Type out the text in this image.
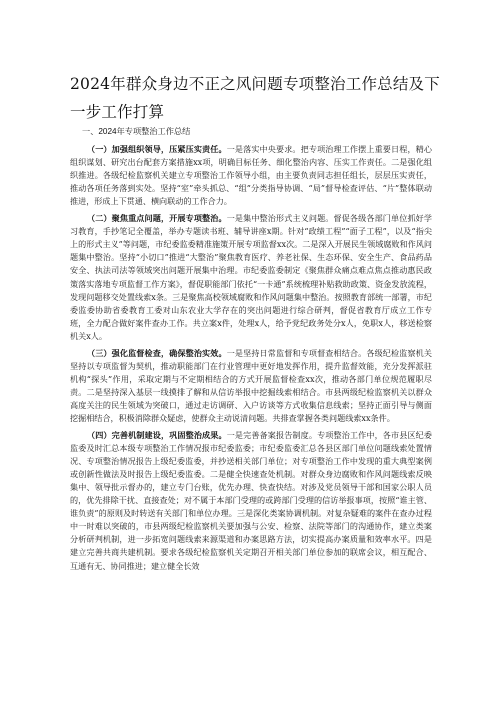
2024年群众身边不正之风问题专项整治工作总结及下一步工作打算
一、2024年专项整治工作总结

（一）加强组织领导，压紧压实责任。一是落实中央要求。把专项治理工作摆上重要日程，精心组织谋划、研究出台配套方案措施xx项，明确目标任务、细化整治内容、压实工作责任。二是强化组织推进。各级纪检监察机关建立专项整治工作领导小组，由主要负责同志担任组长，层层压实责任，推动各项任务落到实处。坚持“室”牵头抓总、“组”分类指导协调、“局”督导检查评估、“片”整体联动推进，形成上下贯通、横向联动的工作合力。

（二）聚焦重点问题，开展专项整治。一是集中整治形式主义问题。督促各级各部门单位抓好学习教育，手抄笔记全覆盖，举办专题读书班、辅导讲座x期。针对“政绩工程”“面子工程”，以及“指尖上的形式主义”等问题，市纪委监委精准施策开展专项监督xx次。二是深入开展民生领域腐败和作风问题集中整治。坚持“小切口”推进“大整治”聚焦教育医疗、养老社保、生态环保、安全生产、食品药品安全、执法司法等领域突出问题开展集中治理。市纪委监委制定《聚焦群众痛点难点焦点推动惠民政策落实落地专项监督工作方案》，督促职能部门依托“一卡通”系统梳理补贴救助政策、资金发放流程，发现问题移交处置线索x条。三是聚焦高校领域腐败和作风问题集中整治。按照教育部统一部署，市纪委监委协助省委教育工委对山东农业大学存在的突出问题进行综合研判，督促省教育厅成立工作专班，全力配合做好案件查办工作。共立案x件，处理x人，给予党纪政务处分x人，免职x人，移送检察机关x人。

（三）强化监督检查，确保整治实效。一是坚持日常监督和专项督查相结合。各级纪检监察机关坚持以专项监督为契机，推动职能部门在行业管理中更好地发挥作用，提升监督效能，充分发挥派驻机构“探头”作用，采取定期与不定期相结合的方式开展监督检查xx次，推动各部门单位规范履职尽责。二是坚持深入基层一线摸排了解和从信访举报中挖掘线索相结合。市县两级纪检监察机关以群众高度关注的民生领域为突破口，通过走访调研、入户访谈等方式收集信息线索；坚持正面引导与侧面挖掘相结合，积极消除群众疑虑，使群众主动说清问题。共排查掌握各类问题线索xx条件。

（四）完善机制建设，巩固整治成果。一是完善备案报告制度。专项整治工作中，各市县区纪委监委及时汇总本级专项整治工作情况报市纪委监委；市纪委监委汇总各县区部门单位问题线索处置情况、专项整治情况报告上级纪委监委，并抄送相关部门单位；对专项整治工作中发现的重大典型案例或创新性做法及时报告上级纪委监委。二是健全快速查处机制。对群众身边腐败和作风问题线索反映集中、领导批示督办的，建立专门台账，优先办理、快查快结。对涉及党员领导干部和国家公职人员的，优先排除干扰、直接查处；对不属于本部门受理的或跨部门受理的信访举报事项，按照“谁主管、谁负责”的原则及时转送有关部门和单位办理。三是深化类案协调机制。对复杂疑难的案件在查办过程中一时难以突破的，市县两级纪检监察机关要加强与公安、检察、法院等部门的沟通协作，建立类案分析研判机制，进一步拓宽问题线索来源渠道和办案思路方法，切实提高办案质量和效率水平。四是建立完善共商共建机制。要求各级纪检监察机关定期召开相关部门单位参加的联席会议，相互配合、互通有无、协同推进；建立健全长效
